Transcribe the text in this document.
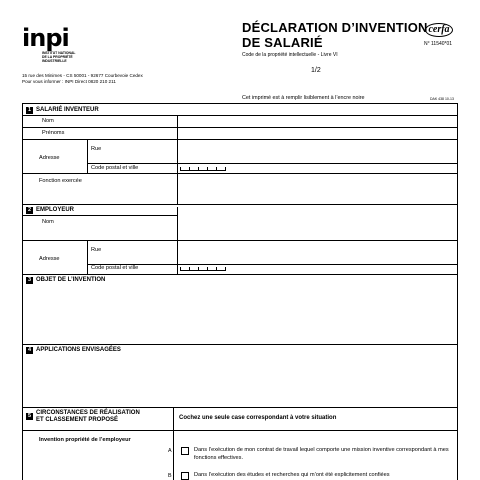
inpi
INSTITUT NATIONAL
DE LA PROPRIÉTÉ
INDUSTRIELLE
DÉCLARATION D’INVENTION
DE SALARIÉ
Code de la propriété intellectuelle - Livre VI
cerfa
N° 11540*01
15 rue des Minimes - CS 50001 - 92677 Courbevoie Cedex
Pour vous informer : INPI Direct 0820 210 211
1/2
Cet imprimé est à remplir lisiblement à l’encre noire	DAK 438 10-13
1 SALARIÉ INVENTEUR
Nom
Prénoms
Adresse
Rue
Code postal et ville
Fonction exercée
2 EMPLOYEUR
Nom
Adresse
Rue
Code postal et ville
3 OBJET DE L’INVENTION
4 APPLICATIONS ENVISAGÉES
5 CIRCONSTANCES DE RÉALISATION
ET CLASSEMENT PROPOSÉ	Cochez une seule case correspondant à votre situation
Invention propriété de l’employeur
A	Dans l’exécution de mon contrat de travail lequel comporte une mission inventive correspondant à mes fonctions effectives.
B	Dans l’exécution des études et recherches qui m’ont été explicitement confiées
